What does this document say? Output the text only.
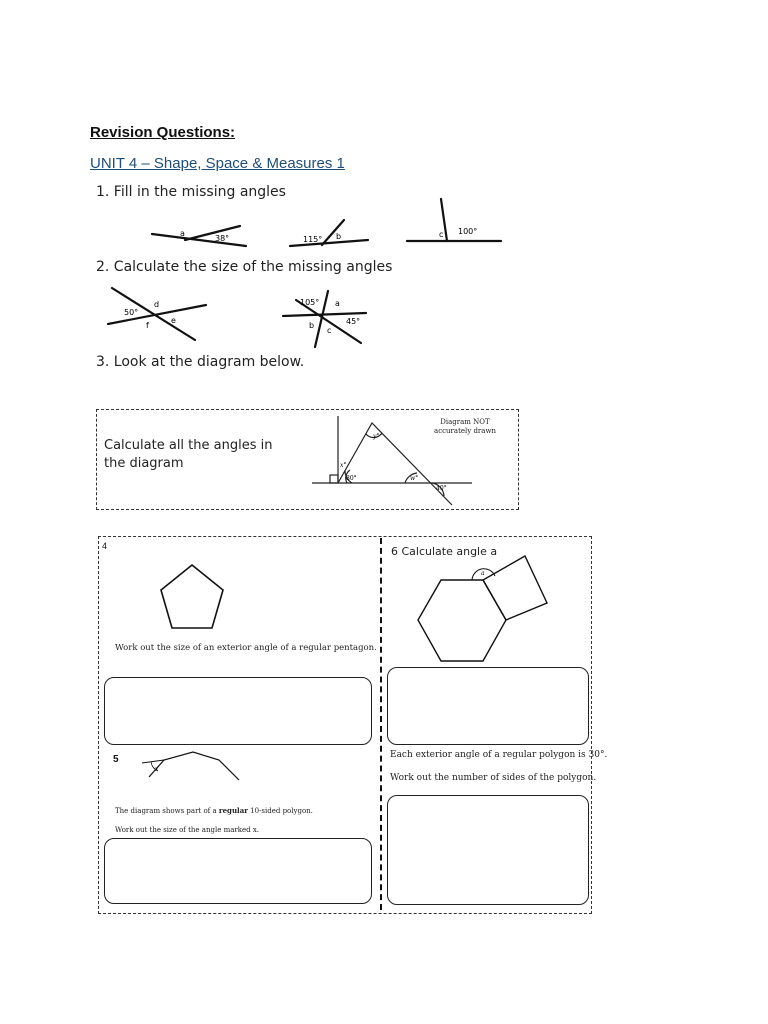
Revision Questions:
UNIT 4 – Shape, Space & Measures 1
1. Fill in the missing angles
a
38°	115° b	c 100°
2. Calculate the size of the missing angles
d
50°
f
e
105° a
45°
b
c
3. Look at the diagram below.
Calculate all the angles in the diagram
Diagram NOT
accurately drawn
y°
x°
80°	w°
40°
4
Work out the size of an exterior angle of a regular pentagon.
5
x
The diagram shows part of a regular 10-sided polygon.
Work out the size of the angle marked x.
6 Calculate angle a
a
Each exterior angle of a regular polygon is 30°.
Work out the number of sides of the polygon.
